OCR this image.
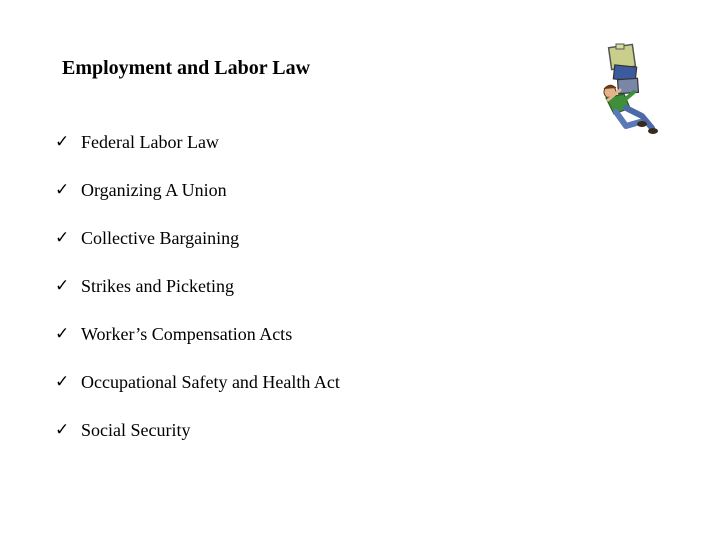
Employment and Labor Law
✓ Federal Labor Law
✓ Organizing A Union
✓ Collective Bargaining
✓ Strikes and Picketing
✓ Worker’s Compensation Acts
✓ Occupational Safety and Health Act
✓ Social Security
